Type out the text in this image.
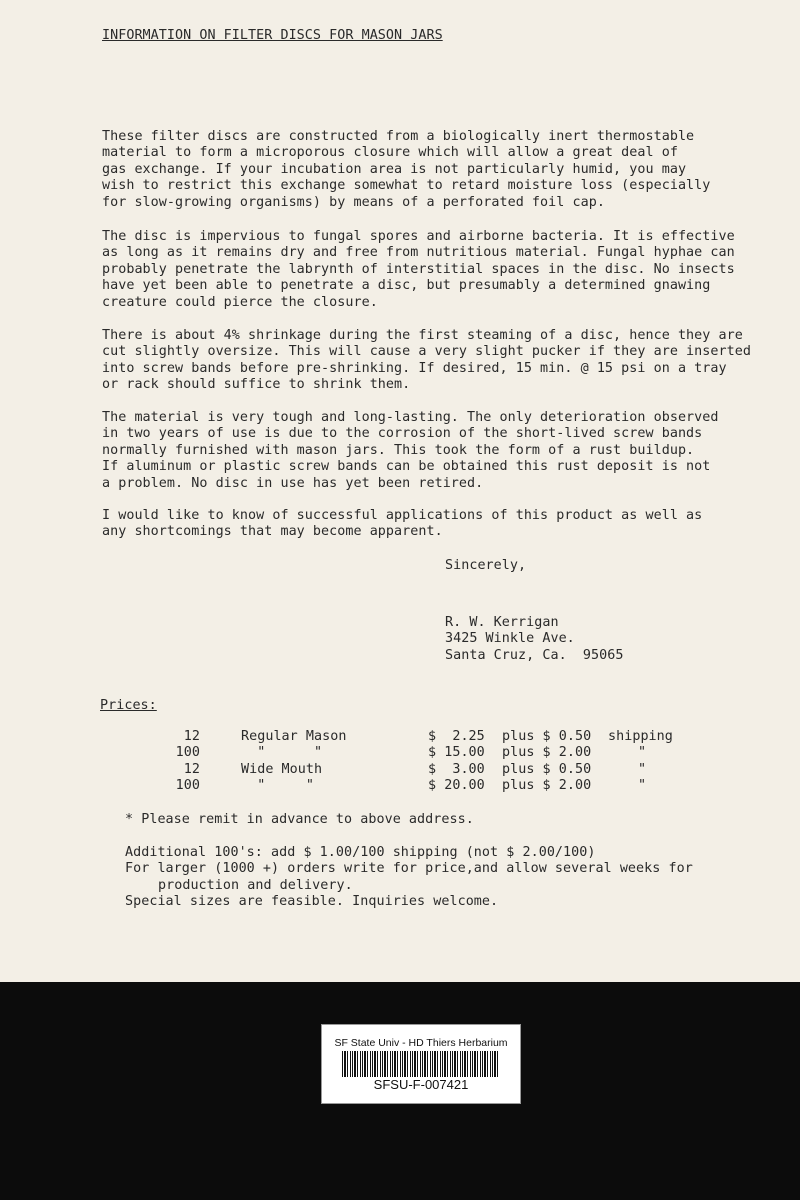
INFORMATION ON FILTER DISCS FOR MASON JARS
These filter discs are constructed from a biologically inert thermostable
material to form a microporous closure which will allow a great deal of
gas exchange. If your incubation area is not particularly humid, you may
wish to restrict this exchange somewhat to retard moisture loss (especially
for slow-growing organisms) by means of a perforated foil cap.
The disc is impervious to fungal spores and airborne bacteria. It is effective
as long as it remains dry and free from nutritious material. Fungal hyphae can
probably penetrate the labrynth of interstitial spaces in the disc. No insects
have yet been able to penetrate a disc, but presumably a determined gnawing
creature could pierce the closure.
There is about 4% shrinkage during the first steaming of a disc, hence they are
cut slightly oversize. This will cause a very slight pucker if they are inserted
into screw bands before pre-shrinking. If desired, 15 min. @ 15 psi on a tray
or rack should suffice to shrink them.
The material is very tough and long-lasting. The only deterioration observed
in two years of use is due to the corrosion of the short-lived screw bands
normally furnished with mason jars. This took the form of a rust buildup.
If aluminum or plastic screw bands can be obtained this rust deposit is not
a problem. No disc in use has yet been retired.
I would like to know of successful applications of this product as well as
any shortcomings that may become apparent.
Sincerely,
R. W. Kerrigan
3425 Winkle Ave.
Santa Cruz, Ca.  95065
Prices:
12	Regular Mason	$  2.25 plus $ 0.50 shipping
100	"      "	$ 15.00 plus $ 2.00	"
12	Wide Mouth	$  3.00 plus $ 0.50	"
100	"     "	$ 20.00 plus $ 2.00	"
* Please remit in advance to above address.
Additional 100's: add $ 1.00/100 shipping (not $ 2.00/100)
For larger (1000 +) orders write for price,and allow several weeks for
production and delivery.
Special sizes are feasible. Inquiries welcome.
SF State Univ - HD Thiers Herbarium
SFSU-F-007421
